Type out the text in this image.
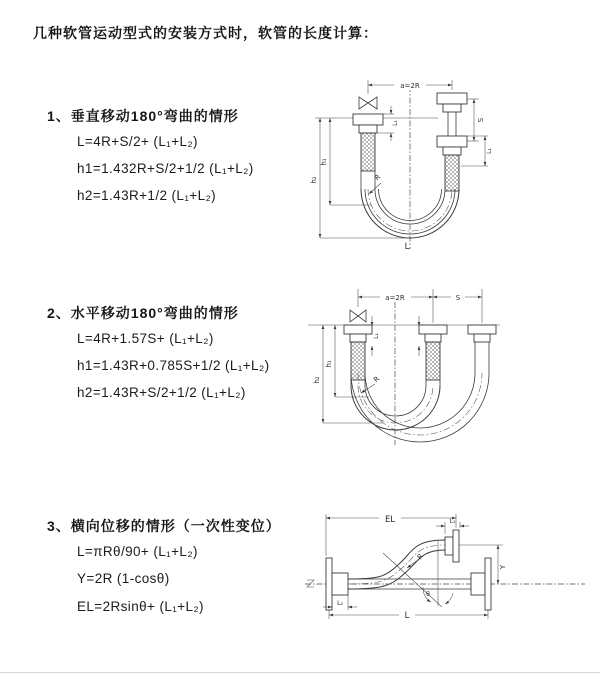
几种软管运动型式的安装方式时，软管的长度计算：
1、垂直移动180°弯曲的情形
L=4R+S/2+ (L₁+L₂)
h1=1.432R+S/2+1/2 (L₁+L₂)
h2=1.43R+1/2 (L₁+L₂)
2、水平移动180°弯曲的情形
L=4R+1.57S+ (L₁+L₂)
h1=1.43R+0.785S+1/2 (L₁+L₂)
h2=1.43R+S/2+1/2 (L₁+L₂)
3、横向位移的情形（一次性变位）
L=πRθ/90+ (L₁+L₂)
Y=2R (1-cosθ)
EL=2Rsinθ+ (L₁+L₂)
a=2R
h₂
h₁
L₁
S
L₁
R
L
a=2R	S
h₁
h₂
L₁
R
θ
EL	L₁
Y
L₂
L
R
